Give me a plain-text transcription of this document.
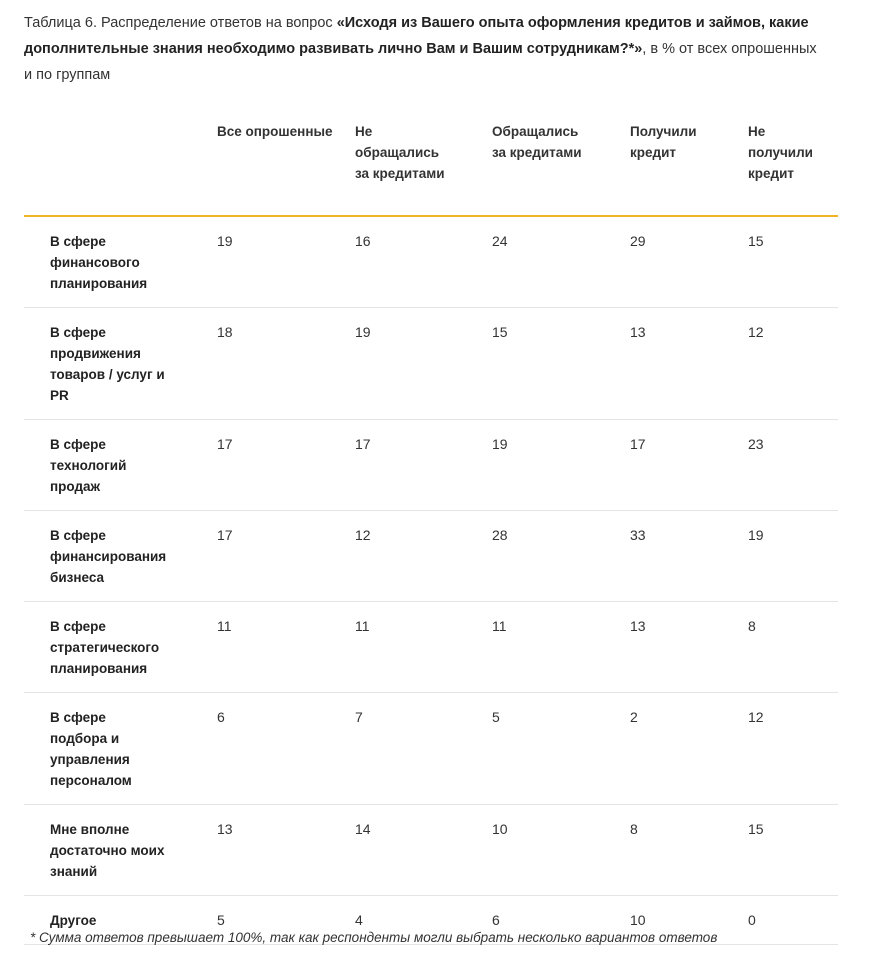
Таблица 6. Распределение ответов на вопрос «Исходя из Вашего опыта оформления кредитов и займов, какие дополнительные знания необходимо развивать лично Вам и Вашим сотрудникам?*», в % от всех опрошенных и по группам
	Все опрошенные	Не обращались за кредитами	Обращались за кредитами	Получили кредит	Не получили кредит
В сфере финансового планирования	19	16	24	29	15
В сфере продвижения товаров / услуг и PR	18	19	15	13	12
В сфере технологий продаж	17	17	19	17	23
В сфере финансирования бизнеса	17	12	28	33	19
В сфере стратегического планирования	11	11	11	13	8
В сфере подбора и управления персоналом	6	7	5	2	12
Мне вполне достаточно моих знаний	13	14	10	8	15
Другое	5	4	6	10	0
* Сумма ответов превышает 100%, так как респонденты могли выбрать несколько вариантов ответов
